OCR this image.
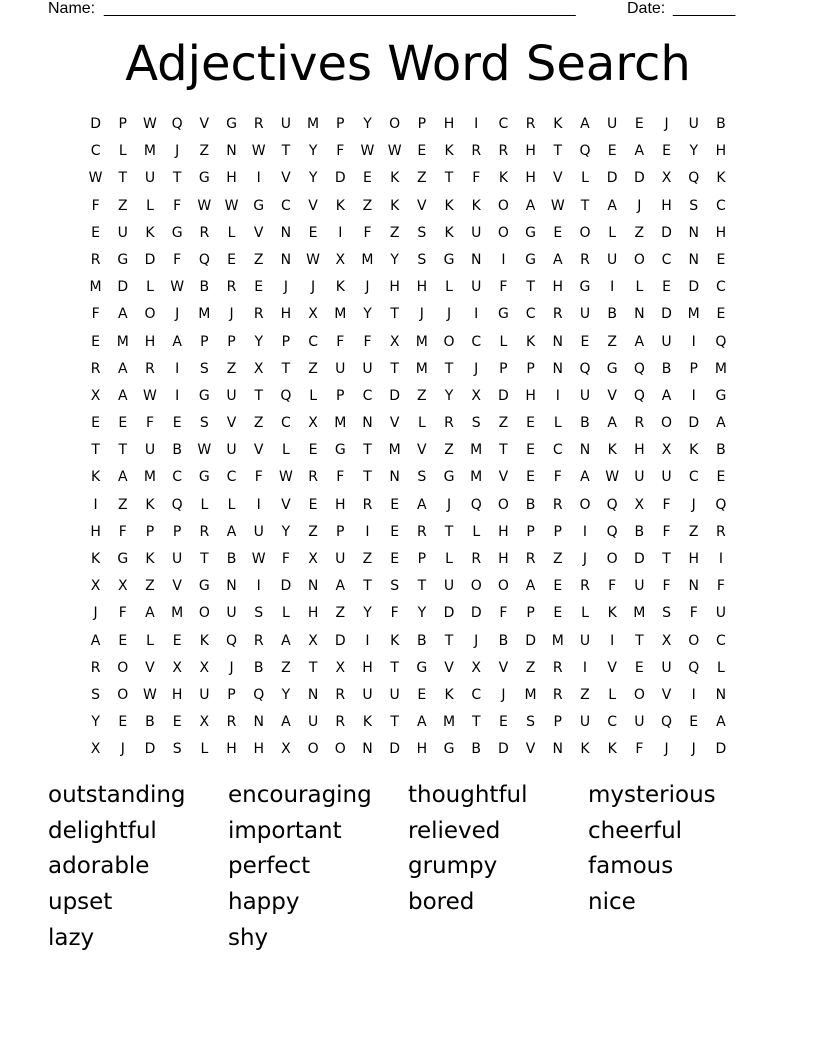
Name: _____________________________________________________	Date: _______
Adjectives Word Search
D	P	W	Q	V	G	R	U	M	P	Y	O	P	H	I	C	R	K	A	U	E	J	U	B
C	L	M	J	Z	N	W	T	Y	F	W W	E	K	R	R	H	T	Q	E	A	E	Y	H
W	T	U	T	G	H	I	V	Y	D	E	K	Z	T	F	K	H	V	L	D	D	X	Q	K
F	Z	L	F	W W	G	C	V	K	Z	K	V	K	K	O	A	W	T	A	J	H	S	C
E	U	K	G	R	L	V	N	E	I	F	Z	S	K	U	O	G	E	O	L	Z	D	N	H
R	G	D	F	Q	E	Z	N	W	X	M	Y	S	G	N	I	G	A	R	U	O	C	N	E
M	D	L	W	B	R	E	J	J	K	J	H	H	L	U	F	T	H	G	I	L	E	D	C
F	A	O	J	M	J	R	H	X	M	Y	T	J	J	I	G	C	R	U	B	N	D	M	E
E	M	H	A	P	P	Y	P	C	F	F	X	M	O	C	L	K	N	E	Z	A	U	I	Q
R	A	R	I	S	Z	X	T	Z	U	U	T	M	T	J	P	P	N	Q	G	Q	B	P	M
X	A	W	I	G	U	T	Q	L	P	C	D	Z	Y	X	D	H	I	U	V	Q	A	I	G
E	E	F	E	S	V	Z	C	X	M	N	V	L	R	S	Z	E	L	B	A	R	O	D	A
T	T	U	B	W	U	V	L	E	G	T	M	V	Z	M	T	E	C	N	K	H	X	K	B
K	A	M	C	G	C	F	W	R	F	T	N	S	G	M	V	E	F	A	W	U	U	C	E
I	Z	K	Q	L	L	I	V	E	H	R	E	A	J	Q	O	B	R	O	Q	X	F	J	Q
H	F	P	P	R	A	U	Y	Z	P	I	E	R	T	L	H	P	P	I	Q	B	F	Z	R
K	G	K	U	T	B	W	F	X	U	Z	E	P	L	R	H	R	Z	J	O	D	T	H	I
X	X	Z	V	G	N	I	D	N	A	T	S	T	U	O	O	A	E	R	F	U	F	N	F
J	F	A	M	O	U	S	L	H	Z	Y	F	Y	D	D	F	P	E	L	K	M	S	F	U
A	E	L	E	K	Q	R	A	X	D	I	K	B	T	J	B	D	M	U	I	T	X	O	C
R	O	V	X	X	J	B	Z	T	X	H	T	G	V	X	V	Z	R	I	V	E	U	Q	L
S	O	W	H	U	P	Q	Y	N	R	U	U	E	K	C	J	M	R	Z	L	O	V	I	N
Y	E	B	E	X	R	N	A	U	R	K	T	A	M	T	E	S	P	U	C	U	Q	E	A
X	J	D	S	L	H	H	X	O	O	N	D	H	G	B	D	V	N	K	K	F	J	J	D
outstanding	encouraging	thoughtful	mysterious
delightful	important	relieved	cheerful
adorable	perfect	grumpy	famous
upset	happy	bored	nice
lazy	shy
